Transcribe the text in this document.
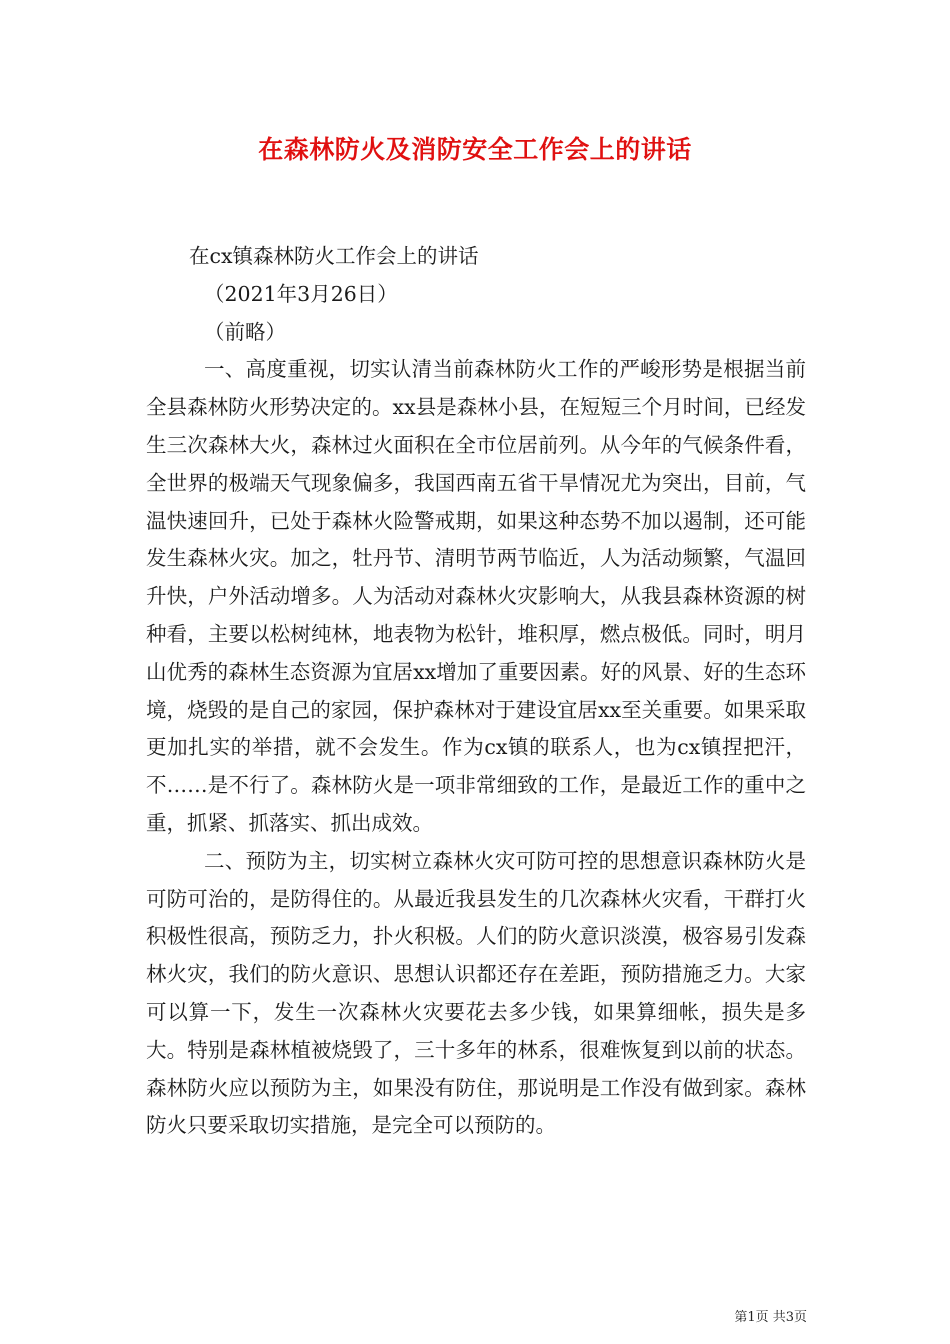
在森林防火及消防安全工作会上的讲话

在cx镇森林防火工作会上的讲话

（2021年3月26日）

（前略）

一、高度重视，切实认清当前森林防火工作的严峻形势是根据当前全县森林防火形势决定的。xx县是森林小县，在短短三个月时间，已经发生三次森林大火，森林过火面积在全市位居前列。从今年的气候条件看，全世界的极端天气现象偏多，我国西南五省干旱情况尤为突出，目前，气温快速回升，已处于森林火险警戒期，如果这种态势不加以遏制，还可能发生森林火灾。加之，牡丹节、清明节两节临近，人为活动频繁，气温回升快，户外活动增多。人为活动对森林火灾影响大，从我县森林资源的树种看，主要以松树纯林，地表物为松针，堆积厚，燃点极低。同时，明月山优秀的森林生态资源为宜居xx增加了重要因素。好的风景、好的生态环境，烧毁的是自己的家园，保护森林对于建设宜居xx至关重要。如果采取更加扎实的举措，就不会发生。作为cx镇的联系人，也为cx镇捏把汗，不……是不行了。森林防火是一项非常细致的工作，是最近工作的重中之重，抓紧、抓落实、抓出成效。

二、预防为主，切实树立森林火灾可防可控的思想意识森林防火是可防可治的，是防得住的。从最近我县发生的几次森林火灾看，干群打火积极性很高，预防乏力，扑火积极。人们的防火意识淡漠，极容易引发森林火灾，我们的防火意识、思想认识都还存在差距，预防措施乏力。大家可以算一下，发生一次森林火灾要花去多少钱，如果算细帐，损失是多大。特别是森林植被烧毁了，三十多年的林系，很难恢复到以前的状态。森林防火应以预防为主，如果没有防住，那说明是工作没有做到家。森林防火只要采取切实措施，是完全可以预防的。

第1页 共3页
